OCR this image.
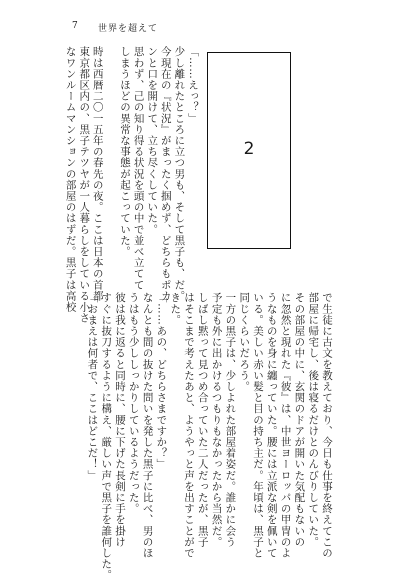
7 世界を超えて
2
「……えっ？」
少し離れたところに立つ男も、そして黒子も、だ。
今現在の『状況』がまったく掴めず、どちらもポカ
ンと口を開けて、立ち尽くしていた。
思わず、己の知り得る状況を頭の中で並べ立てて
しまうほどの異常な事態が起こっていた。
時は西暦二〇一五年の春先の夜。ここは日本の首都
東京都区内の、黒子テツヤが一人暮らしをしている小さ
なワンルームマンションの部屋のはずだ。黒子は高校
で生徒に古文を教えており、今日も仕事を終えてこの
部屋に帰宅し、後は寝るだけとのんびりしていた。
その部屋の中に、玄関のドアが開いた気配もないの
に忽然と現れた『彼』は、中世ヨーロッパの甲冑のよ
うなものを身に纏っていた。腰には立派な剣を佩いて
いる。美しい赤い髪と目の持ち主だ。年頃は、黒子と
同じくらいだろう。
一方の黒子は、少しよれた部屋着姿だ。誰かに会う
予定も外に出かけるつもりもなかったから当然だ。
しばし黙って見つめ合っていた二人だったが、黒子
はそこまで考えたあと、ようやっと声を出すことがで
きた。
「……あの、どちらさまですか？」
なんとも間の抜けた問いを発した黒子に比べ、男のほ
うはもう少ししっかりしているようだった。
彼は我に返ると同時に、腰に下げた長剣に手を掛け
すぐに抜刀するように構え、厳しい声で黒子を誰何した。
「おまえは何者で、ここはどこだ！」
